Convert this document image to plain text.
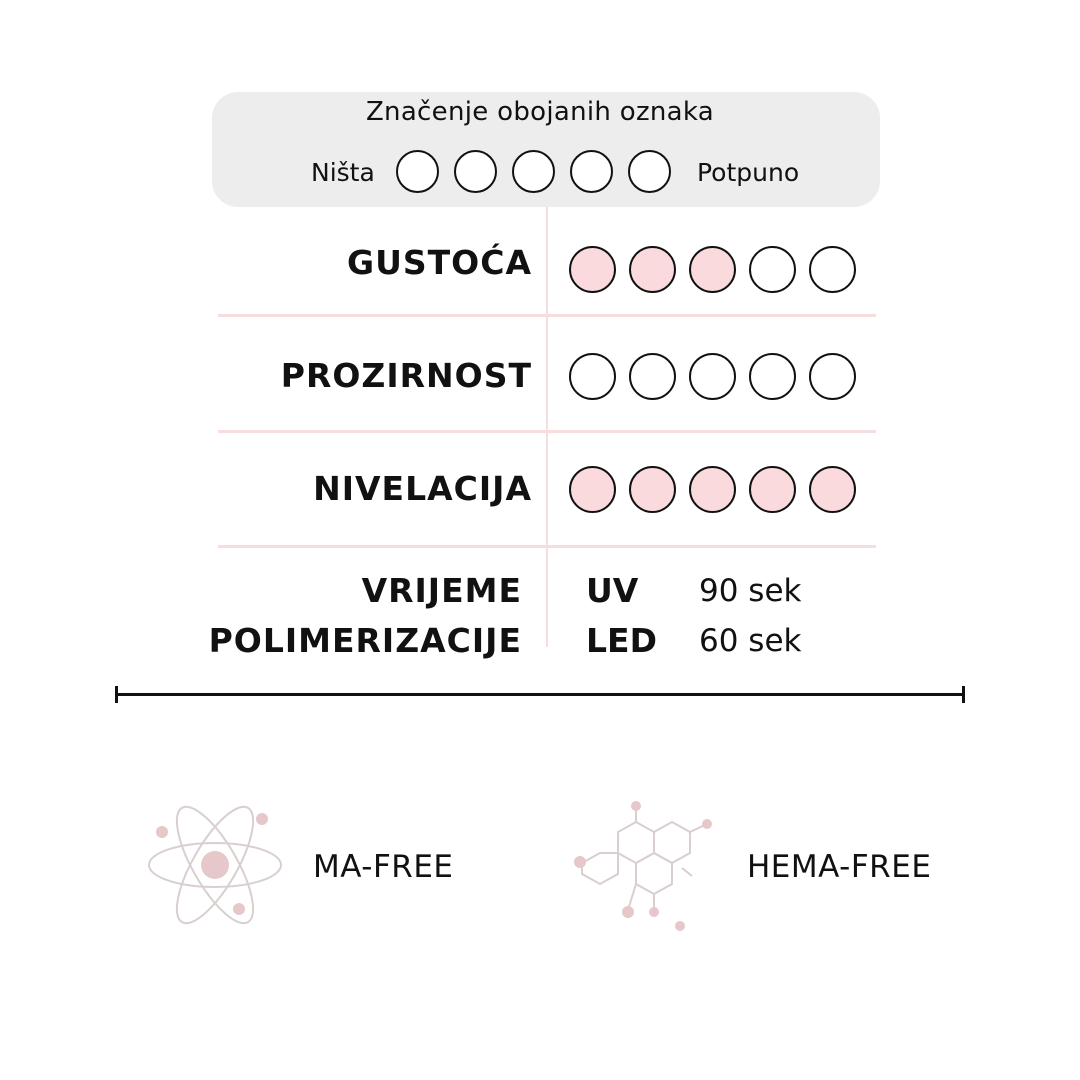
Značenje obojanih oznaka
Ništa	Potpuno
GUSTOĆA
PROZIRNOST
NIVELACIJA
VRIJEME
POLIMERIZACIJE
UV
LED
90 sek
60 sek
MA-FREE	HEMA-FREE
